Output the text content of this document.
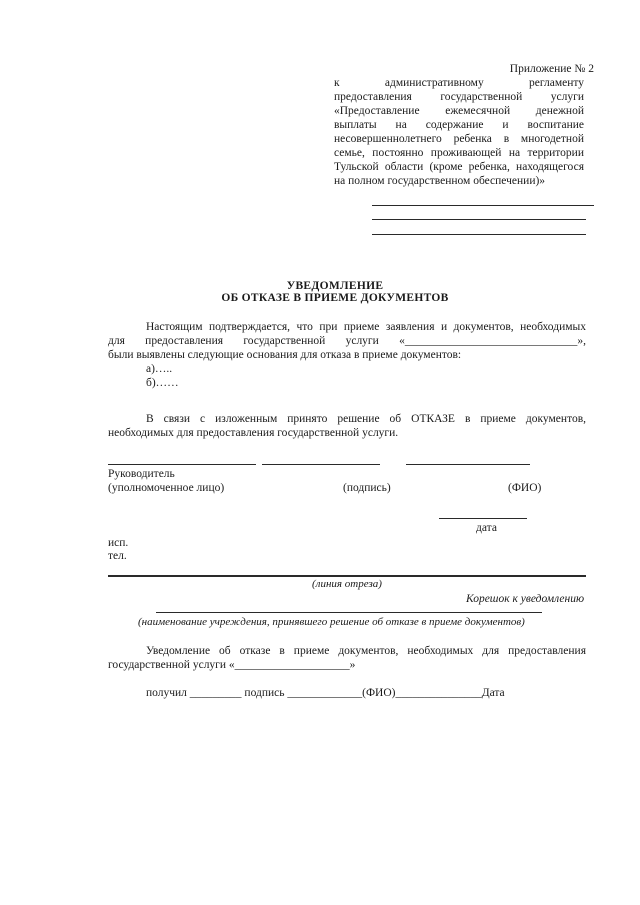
Приложение № 2
к административному регламенту
предоставления государственной услуги
«Предоставление ежемесячной денежной
выплаты на содержание и воспитание
несовершеннолетнего ребенка в многодетной
семье, постоянно проживающей на территории
Тульской области (кроме ребенка, находящегося
на полном государственном обеспечении)»
УВЕДОМЛЕНИЕ
ОБ ОТКАЗЕ В ПРИЕМЕ ДОКУМЕНТОВ
Настоящим подтверждается, что при приеме заявления и документов, необходимых
для предоставления государственной услуги «______________________________»,
были выявлены следующие основания для отказа в приеме документов:
а)…..
б)……
В связи с изложенным принято решение об ОТКАЗЕ в приеме документов,
необходимых для предоставления государственной услуги.
Руководитель
(уполномоченное лицо)	(подпись)	(ФИО)
дата
исп.
тел.
(линия отреза)
Корешок к уведомлению
(наименование учреждения, принявшего решение об отказе в приеме документов)
Уведомление об отказе в приеме документов, необходимых для предоставления
государственной услуги «____________________»
получил _________ подпись _____________(ФИО)_______________Дата
